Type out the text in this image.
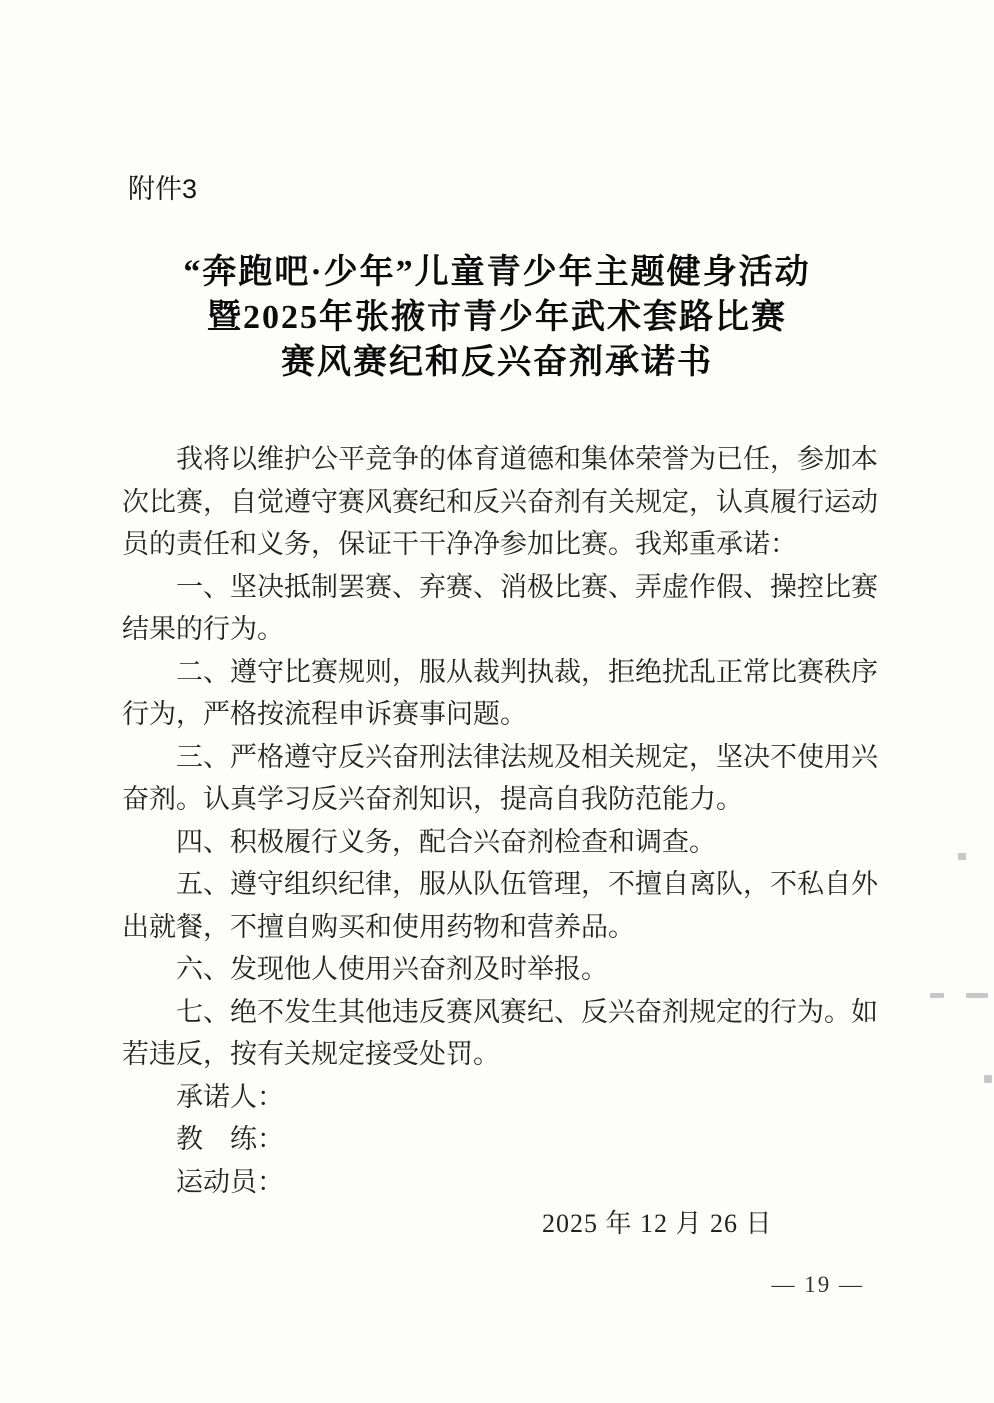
附件3
“奔跑吧·少年”儿童青少年主题健身活动
暨2025年张掖市青少年武术套路比赛
赛风赛纪和反兴奋剂承诺书

我将以维护公平竞争的体育道德和集体荣誉为已任，参加本次比赛，自觉遵守赛风赛纪和反兴奋剂有关规定，认真履行运动员的责任和义务，保证干干净净参加比赛。我郑重承诺：

一、坚决抵制罢赛、弃赛、消极比赛、弄虚作假、操控比赛结果的行为。

二、遵守比赛规则，服从裁判执裁，拒绝扰乱正常比赛秩序行为，严格按流程申诉赛事问题。

三、严格遵守反兴奋刑法律法规及相关规定，坚决不使用兴奋剂。认真学习反兴奋剂知识，提高自我防范能力。

四、积极履行义务，配合兴奋剂检查和调查。

五、遵守组织纪律，服从队伍管理，不擅自离队，不私自外出就餐，不擅自购买和使用药物和营养品。

六、发现他人使用兴奋剂及时举报。

七、绝不发生其他违反赛风赛纪、反兴奋剂规定的行为。如若违反，按有关规定接受处罚。

承诺人：

教　练：

运动员：

2025 年 12 月 26 日

— 19 —
